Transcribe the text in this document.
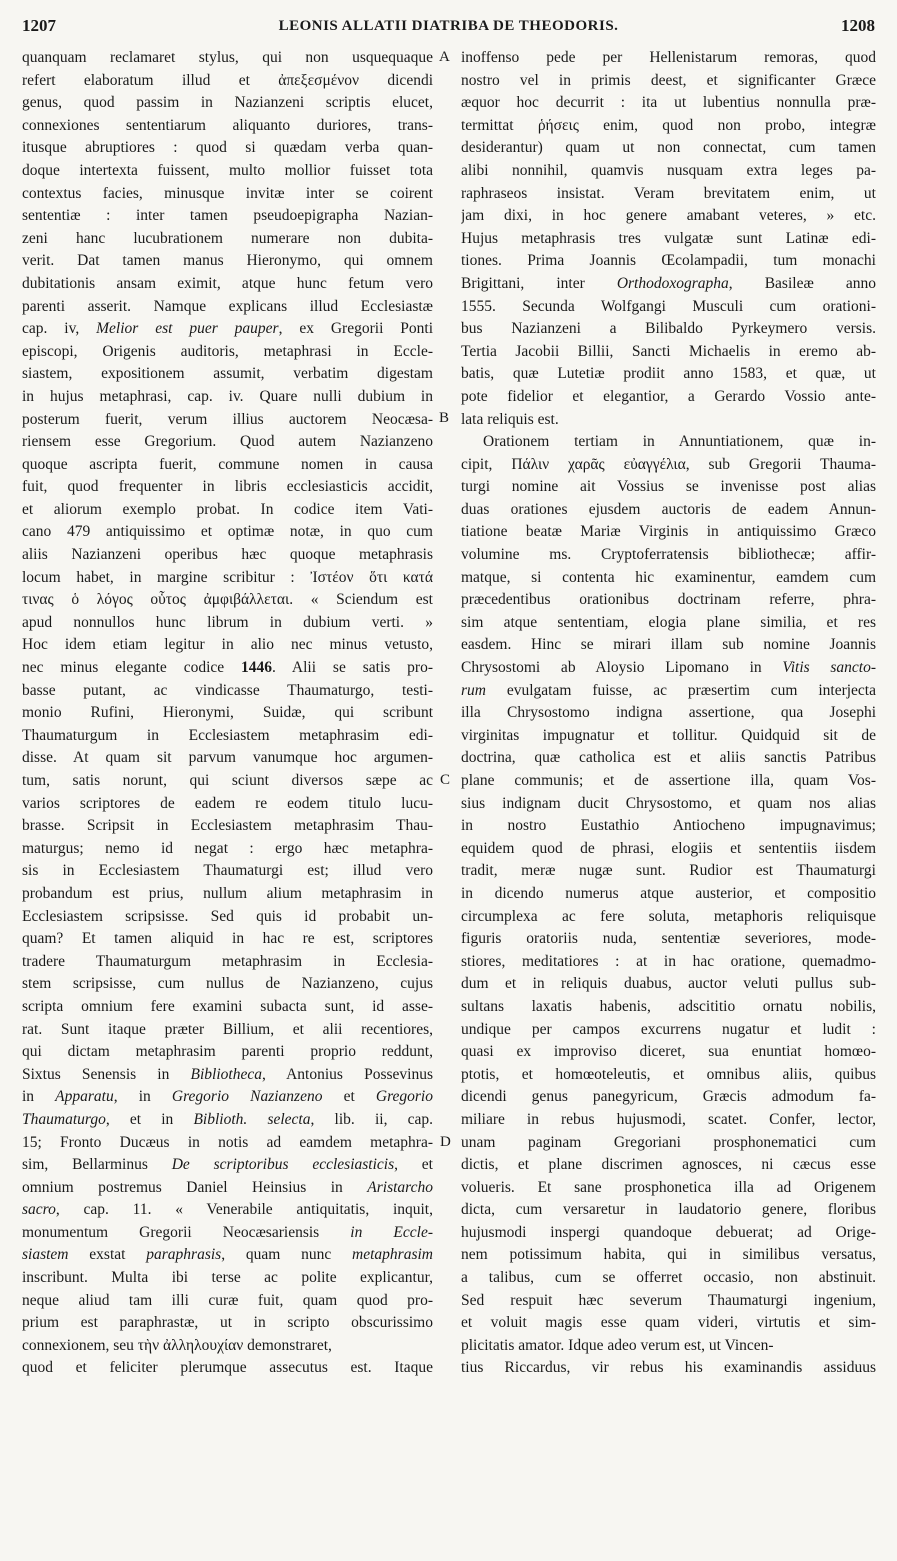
1207	LEONIS ALLATII DIATRIBA DE THEODORIS.	1208
quanquam reclamaret stylus, qui non usquequaque
refert elaboratum illud et ἀπεξεσμένον dicendi
genus, quod passim in Nazianzeni scriptis elucet,
connexiones sententiarum aliquanto duriores, trans-
itusque abruptiores : quod si quædam verba quan-
doque intertexta fuissent, multo mollior fuisset tota
contextus facies, minusque invitæ inter se coirent
sententiæ : inter tamen pseudoepigrapha Nazian-
zeni hanc lucubrationem numerare non dubita-
verit. Dat tamen manus Hieronymo, qui omnem
dubitationis ansam eximit, atque hunc fetum vero
parenti asserit. Namque explicans illud Ecclesiastæ
cap. iv, Melior est puer pauper, ex Gregorii Ponti
episcopi, Origenis auditoris, metaphrasi in Eccle-
siastem, expositionem assumit, verbatim digestam
in hujus metaphrasi, cap. iv. Quare nulli dubium in
posterum fuerit, verum illius auctorem Neocæsa-
riensem esse Gregorium. Quod autem Nazianzeno
quoque ascripta fuerit, commune nomen in causa
fuit, quod frequenter in libris ecclesiasticis accidit,
et aliorum exemplo probat. In codice item Vati-
cano 479 antiquissimo et optimæ notæ, in quo cum
aliis Nazianzeni operibus hæc quoque metaphrasis
locum habet, in margine scribitur : Ἰστέον ὅτι κατά
τινας ὁ λόγος οὗτος ἀμφιβάλλεται. « Sciendum est
apud nonnullos hunc librum in dubium verti. »
Hoc idem etiam legitur in alio nec minus vetusto,
nec minus elegante codice 1446. Alii se satis pro-
basse putant, ac vindicasse Thaumaturgo, testi-
monio Rufini, Hieronymi, Suidæ, qui scribunt
Thaumaturgum in Ecclesiastem metaphrasim edi-
disse. At quam sit parvum vanumque hoc argumen-
tum, satis norunt, qui sciunt diversos sæpe ac
varios scriptores de eadem re eodem titulo lucu-
brasse. Scripsit in Ecclesiastem metaphrasim Thau-
maturgus; nemo id negat : ergo hæc metaphra-
sis in Ecclesiastem Thaumaturgi est; illud vero
probandum est prius, nullum alium metaphrasim in
Ecclesiastem scripsisse. Sed quis id probabit un-
quam? Et tamen aliquid in hac re est, scriptores
tradere Thaumaturgum metaphrasim in Ecclesia-
stem scripsisse, cum nullus de Nazianzeno, cujus
scripta omnium fere examini subacta sunt, id asse-
rat. Sunt itaque præter Billium, et alii recentiores,
qui dictam metaphrasim parenti proprio reddunt,
Sixtus Senensis in Bibliotheca, Antonius Possevinus
in Apparatu, in Gregorio Nazianzeno et Gregorio
Thaumaturgo, et in Biblioth. selecta, lib. ii, cap.
15; Fronto Ducæus in notis ad eamdem metaphra-
sim, Bellarminus De scriptoribus ecclesiasticis, et
omnium postremus Daniel Heinsius in Aristarcho
sacro, cap. 11. « Venerabile antiquitatis, inquit,
monumentum Gregorii Neocæsariensis in Eccle-
siastem exstat paraphrasis, quam nunc metaphrasim
inscribunt. Multa ibi terse ac polite explicantur,
neque aliud tam illi curæ fuit, quam quod pro-
prium est paraphrastæ, ut in scripto obscurissimo
connexionem, seu τὴν ἀλληλουχίαν demonstraret,
quod et feliciter plerumque assecutus est. Itaque
inoffenso pede per Hellenistarum remoras, quod
nostro vel in primis deest, et significanter Græce
æquor hoc decurrit : ita ut lubentius nonnulla præ-
termittat ῥήσεις enim, quod non probo, integræ
desiderantur) quam ut non connectat, cum tamen
alibi nonnihil, quamvis nusquam extra leges pa-
raphraseos insistat. Veram brevitatem enim, ut
jam dixi, in hoc genere amabant veteres, » etc.
Hujus metaphrasis tres vulgatæ sunt Latinæ edi-
tiones. Prima Joannis Œcolampadii, tum monachi
Brigittani, inter Orthodoxographa, Basileæ anno
1555. Secunda Wolfgangi Musculi cum orationi-
bus Nazianzeni a Bilibaldo Pyrkeymero versis.
Tertia Jacobii Billii, Sancti Michaelis in eremo ab-
batis, quæ Lutetiæ prodiit anno 1583, et quæ, ut
pote fidelior et elegantior, a Gerardo Vossio ante-
lata reliquis est.
Orationem tertiam in Annuntiationem, quæ in-
cipit, Πάλιν χαρᾶς εὐαγγέλια, sub Gregorii Thauma-
turgi nomine ait Vossius se invenisse post alias
duas orationes ejusdem auctoris de eadem Annun-
tiatione beatæ Mariæ Virginis in antiquissimo Græco
volumine ms. Cryptoferratensis bibliothecæ; affir-
matque, si contenta hic examinentur, eamdem cum
præcedentibus orationibus doctrinam referre, phra-
sim atque sententiam, elogia plane similia, et res
easdem. Hinc se mirari illam sub nomine Joannis
Chrysostomi ab Aloysio Lipomano in Vitis sancto-
rum evulgatam fuisse, ac præsertim cum interjecta
illa Chrysostomo indigna assertione, qua Josephi
virginitas impugnatur et tollitur. Quidquid sit de
doctrina, quæ catholica est et aliis sanctis Patribus
plane communis; et de assertione illa, quam Vos-
sius indignam ducit Chrysostomo, et quam nos alias
in nostro Eustathio Antiocheno impugnavimus;
equidem quod de phrasi, elogiis et sententiis iisdem
tradit, meræ nugæ sunt. Rudior est Thaumaturgi
in dicendo numerus atque austerior, et compositio
circumplexa ac fere soluta, metaphoris reliquisque
figuris oratoriis nuda, sententiæ severiores, mode-
stiores, meditatiores : at in hac oratione, quemadmo-
dum et in reliquis duabus, auctor veluti pullus sub-
sultans laxatis habenis, adscititio ornatu nobilis,
undique per campos excurrens nugatur et ludit :
quasi ex improviso diceret, sua enuntiat homœo-
ptotis, et homœoteleutis, et omnibus aliis, quibus
dicendi genus panegyricum, Græcis admodum fa-
miliare in rebus hujusmodi, scatet. Confer, lector,
unam paginam Gregoriani prosphonematici cum
dictis, et plane discrimen agnosces, ni cæcus esse
volueris. Et sane prosphonetica illa ad Origenem
dicta, cum versaretur in laudatorio genere, floribus
hujusmodi inspergi quandoque debuerat; ad Orige-
nem potissimum habita, qui in similibus versatus,
a talibus, cum se offerret occasio, non abstinuit.
Sed respuit hæc severum Thaumaturgi ingenium,
et voluit magis esse quam videri, virtutis et sim-
plicitatis amator. Idque adeo verum est, ut Vincen-
tius Riccardus, vir rebus his examinandis assiduus
A
B
C
D
